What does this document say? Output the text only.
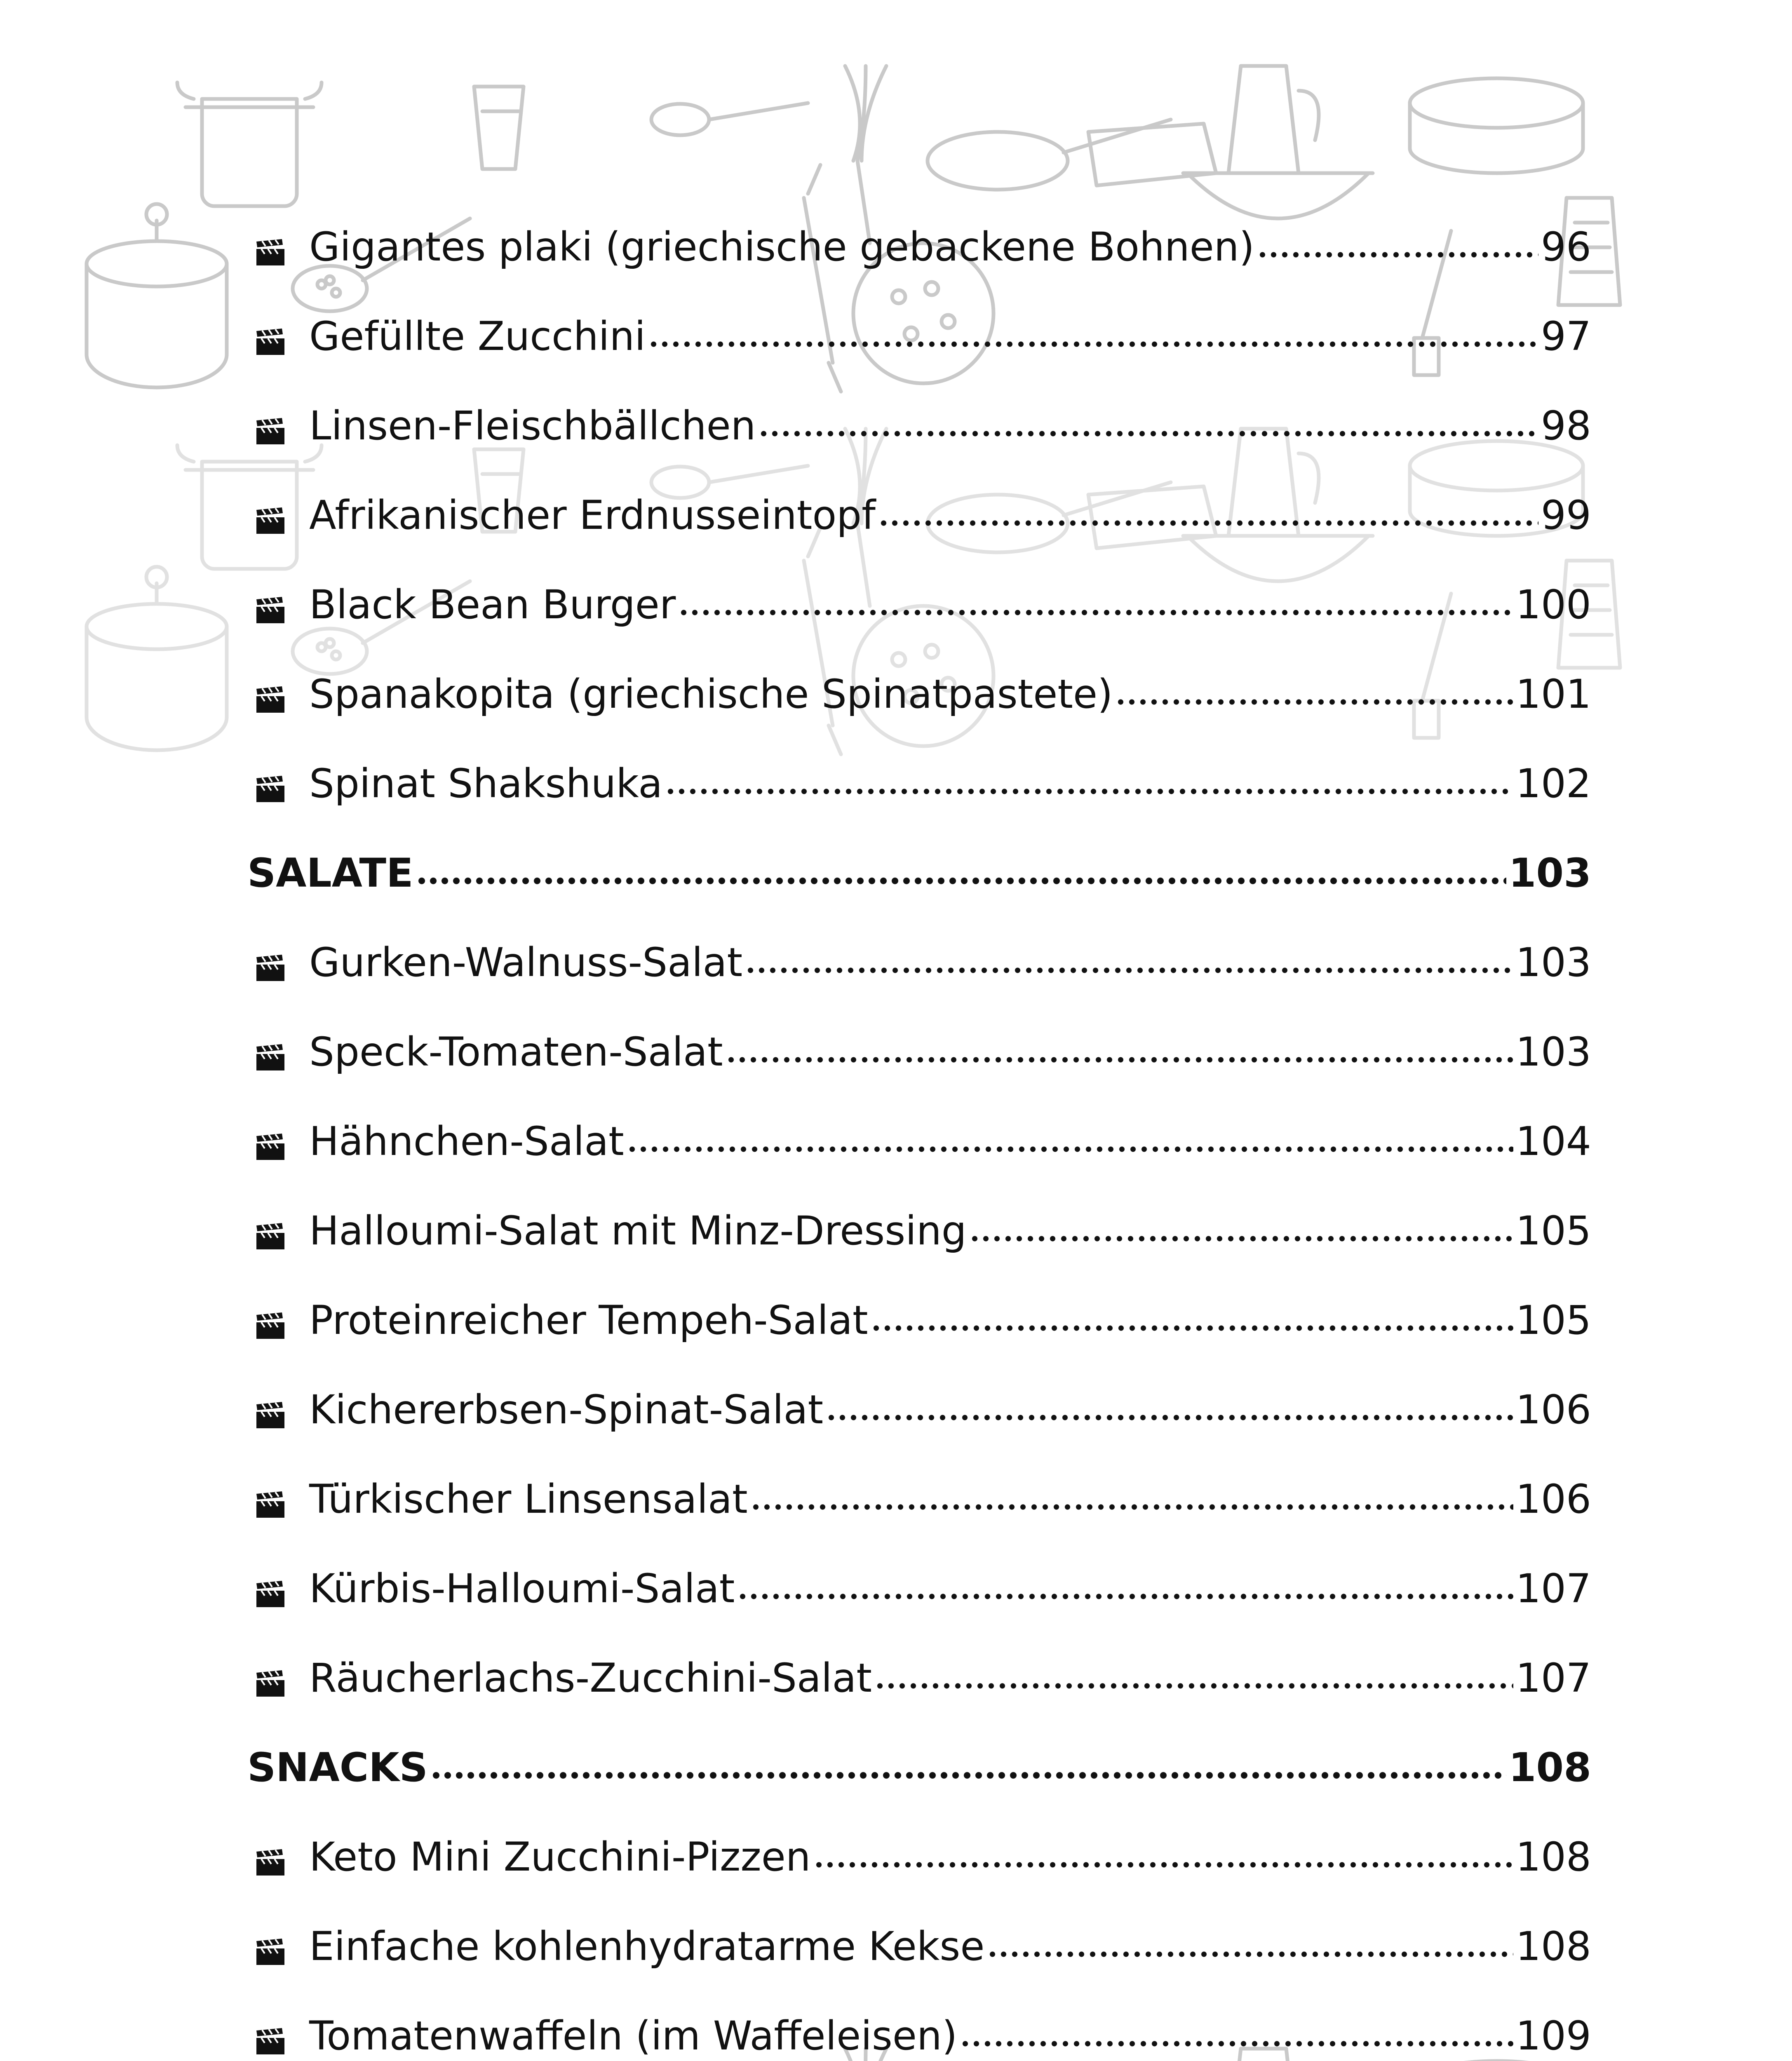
Gigantes plaki (griechische gebackene Bohnen)	96
Gefüllte Zucchini	97
Linsen-Fleischbällchen	98
Afrikanischer Erdnusseintopf	99
Black Bean Burger	100
Spanakopita (griechische Spinatpastete)	101
Spinat Shakshuka	102
SALATE	103
Gurken-Walnuss-Salat	103
Speck-Tomaten-Salat	103
Hähnchen-Salat	104
Halloumi-Salat mit Minz-Dressing	105
Proteinreicher Tempeh-Salat	105
Kichererbsen-Spinat-Salat	106
Türkischer Linsensalat	106
Kürbis-Halloumi-Salat	107
Räucherlachs-Zucchini-Salat	107
SNACKS	108
Keto Mini Zucchini-Pizzen	108
Einfache kohlenhydratarme Kekse	108
Tomatenwaffeln (im Waffeleisen)	109
